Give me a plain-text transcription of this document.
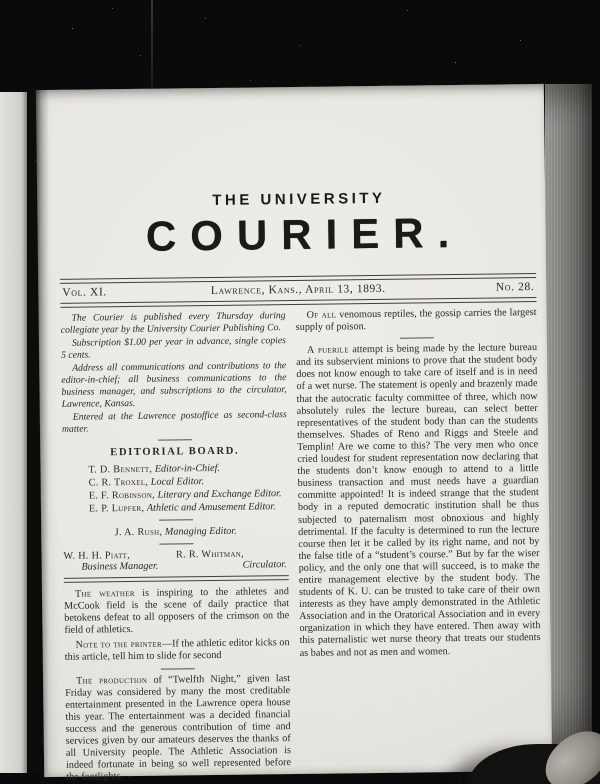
THE UNIVERSITY
COURIER.
Vol. XI.	Lawrence, Kans., April 13, 1893.	No. 28.

The Courier is published every Thursday during collegiate year by the University Courier Publishing Co.

Subscription $1.00 per year in advance, single copies 5 cents.

Address all communications and contributions to the editor-in-chief; all business communications to the business manager, and subscriptions to the circulator, Lawrence, Kansas.

Entered at the Lawrence postoffice as second-class matter.

EDITORIAL BOARD.
T. D. Bennett, Editor-in-Chief.
C. R. Troxel, Local Editor.
E. F. Robinson, Literary and Exchange Editor.
E. P. Lupfer, Athletic and Amusement Editor.
J. A. Rush, Managing Editor.
W. H. H. Piatt,
Business Manager.
R. R. Whitman,
Circulator.

The weather is inspiring to the athletes and McCook field is the scene of daily practice that betokens defeat to all opposers of the crimson on the field of athletics.

Note to the printer—If the athletic editor kicks on this article, tell him to slide for second

The production of “Twelfth Night,” given last Friday was considered by many the most creditable entertainment presented in the Lawrence opera house this year. The entertainment was a decided financial success and the generous contribution of time and services given by our amateurs deserves the thanks of all University people. The Athletic Association is indeed fortunate in being so well represented before the footlights.

Of all venomous reptiles, the gossip carries the largest supply of poison.

A puerile attempt is being made by the lecture bureau and its subservient minions to prove that the student body does not know enough to take care of itself and is in need of a wet nurse. The statement is openly and brazenly made that the autocratic faculty committee of three, which now absolutely rules the lecture bureau, can select better representatives of the student body than can the students themselves. Shades of Reno and Riggs and Steele and Templin! Are we come to this? The very men who once cried loudest for student representation now declaring that the students don’t know enough to attend to a little business transaction and must needs have a guardian committe appointed! It is indeed strange that the student body in a reputed democratic institution shall be thus subjected to paternalism most obnoxious and highly detrimental. If the faculty is determined to run the lecture course then let it be called by its right name, and not by the false title of a “student’s course.” But by far the wiser policy, and the only one that will succeed, is to make the entire management elective by the student body. The students of K. U. can be trusted to take care of their own interests as they have amply demonstrated in the Athletic Association and in the Oratorical Association and in every organization in which they have entered. Then away with this paternalistic wet nurse theory that treats our students as babes and not as men and women.
